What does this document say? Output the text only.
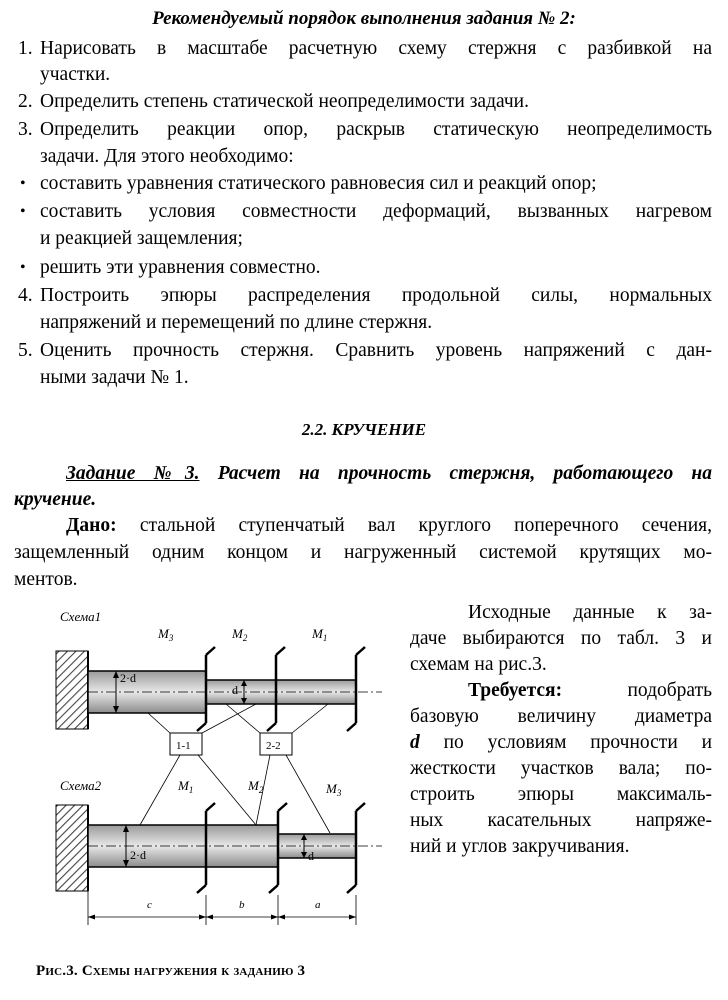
Рекомендуемый порядок выполнения задания № 2:
1. Нарисовать в масштабе расчетную схему стержня с разбивкой на
участки.
2. Определить степень статической неопределимости задачи.
3. Определить реакции опор, раскрыв статическую неопределимость
задачи. Для этого необходимо:
• составить уравнения статического равновесия сил и реакций опор;
• составить условия совместности деформаций, вызванных нагревом
и реакцией защемления;
• решить эти уравнения совместно.
4. Построить эпюры распределения продольной силы, нормальных
напряжений и перемещений по длине стержня.
5. Оценить прочность стержня. Сравнить уровень напряжений с дан-
ными задачи № 1.
2.2. КРУЧЕНИЕ
Задание №3. Расчет на прочность стержня, работающего на
кручение.
Дано: стальной ступенчатый вал круглого поперечного сечения,
защемленный одним концом и нагруженный системой крутящих мо-
ментов.
Исходные данные к за-
даче выбираются по табл. 3 и
схемам на рис.3.
Требуется:	подобрать
базовую величину диаметра
d по условиям прочности и
жесткости участков вала; по-
строить эпюры максималь-
ных касательных напряже-
ний и углов закручивания.
Схема1
2·d
d
$M_3$	$M_2$	$M_1$
1-1	2-2
Схема2
2·d	d
$M_1$	$M_2$	$M_3$
c	b	a
Рис.3. Схемы нагружения к заданию 3
